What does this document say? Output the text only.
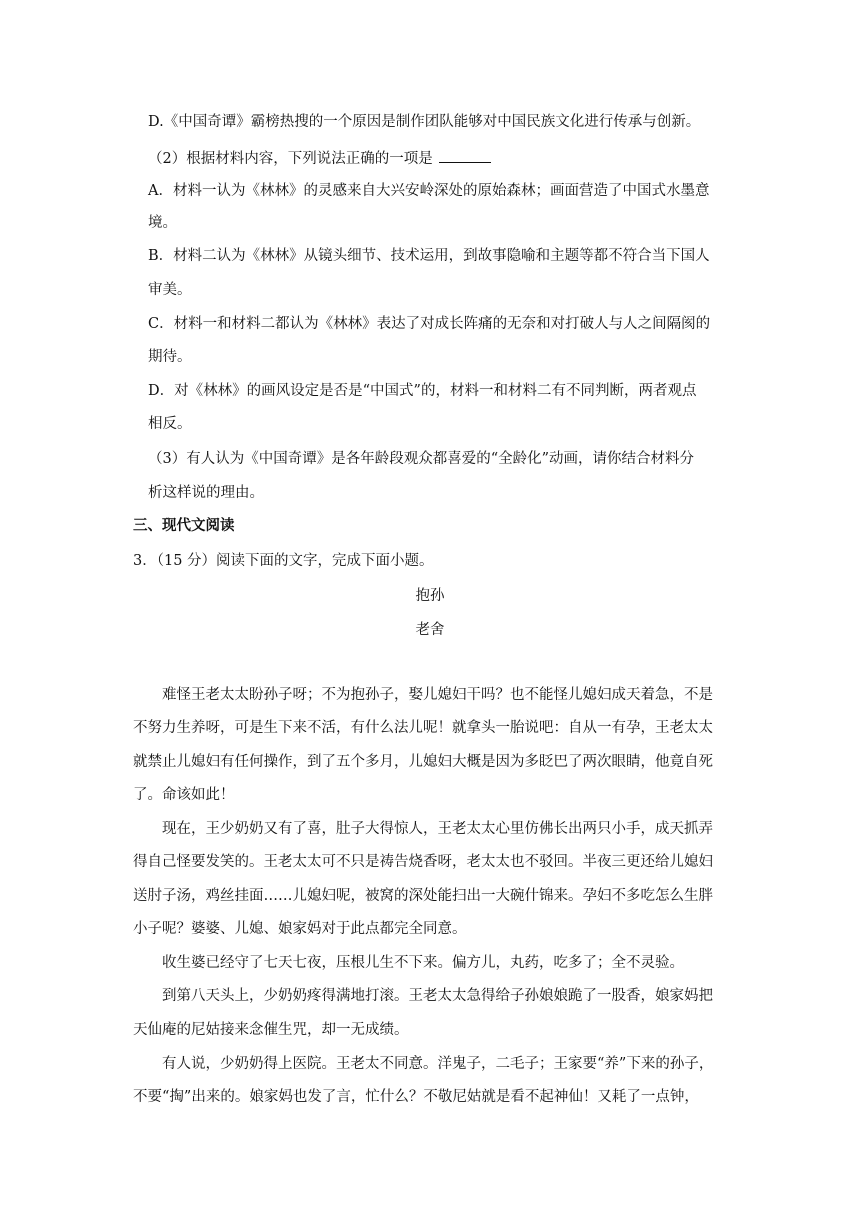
D.《中国奇谭》霸榜热搜的一个原因是制作团队能够对中国民族文化进行传承与创新。
（2）根据材料内容，下列说法正确的一项是
A．材料一认为《林林》的灵感来自大兴安岭深处的原始森林；画面营造了中国式水墨意
境。
B．材料二认为《林林》从镜头细节、技术运用，到故事隐喻和主题等都不符合当下国人
审美。
C．材料一和材料二都认为《林林》表达了对成长阵痛的无奈和对打破人与人之间隔阂的
期待。
D．对《林林》的画风设定是否是“中国式”的，材料一和材料二有不同判断，两者观点
相反。
（3）有人认为《中国奇谭》是各年龄段观众都喜爱的“全龄化”动画，请你结合材料分
析这样说的理由。
三、现代文阅读
3．（15 分）阅读下面的文字，完成下面小题。
抱孙
老舍
难怪王老太太盼孙子呀；不为抱孙子，娶儿媳妇干吗？也不能怪儿媳妇成天着急，不是
不努力生养呀，可是生下来不活，有什么法儿呢！就拿头一胎说吧：自从一有孕，王老太太
就禁止儿媳妇有任何操作，到了五个多月，儿媳妇大概是因为多眨巴了两次眼睛，他竟自死
了。命该如此！
现在，王少奶奶又有了喜，肚子大得惊人，王老太太心里仿佛长出两只小手，成天抓弄
得自己怪要发笑的。王老太太可不只是祷告烧香呀，老太太也不驳回。半夜三更还给儿媳妇
送肘子汤，鸡丝挂面……儿媳妇呢，被窝的深处能扫出一大碗什锦来。孕妇不多吃怎么生胖
小子呢？婆婆、儿媳、娘家妈对于此点都完全同意。
收生婆已经守了七天七夜，压根儿生不下来。偏方儿，丸药，吃多了；全不灵验。
到第八天头上，少奶奶疼得满地打滚。王老太太急得给子孙娘娘跪了一股香，娘家妈把
天仙庵的尼姑接来念催生咒，却一无成绩。
有人说，少奶奶得上医院。王老太不同意。洋鬼子，二毛子；王家要“养”下来的孙子，
不要“掏”出来的。娘家妈也发了言，忙什么？不敬尼姑就是看不起神仙！又耗了一点钟，
